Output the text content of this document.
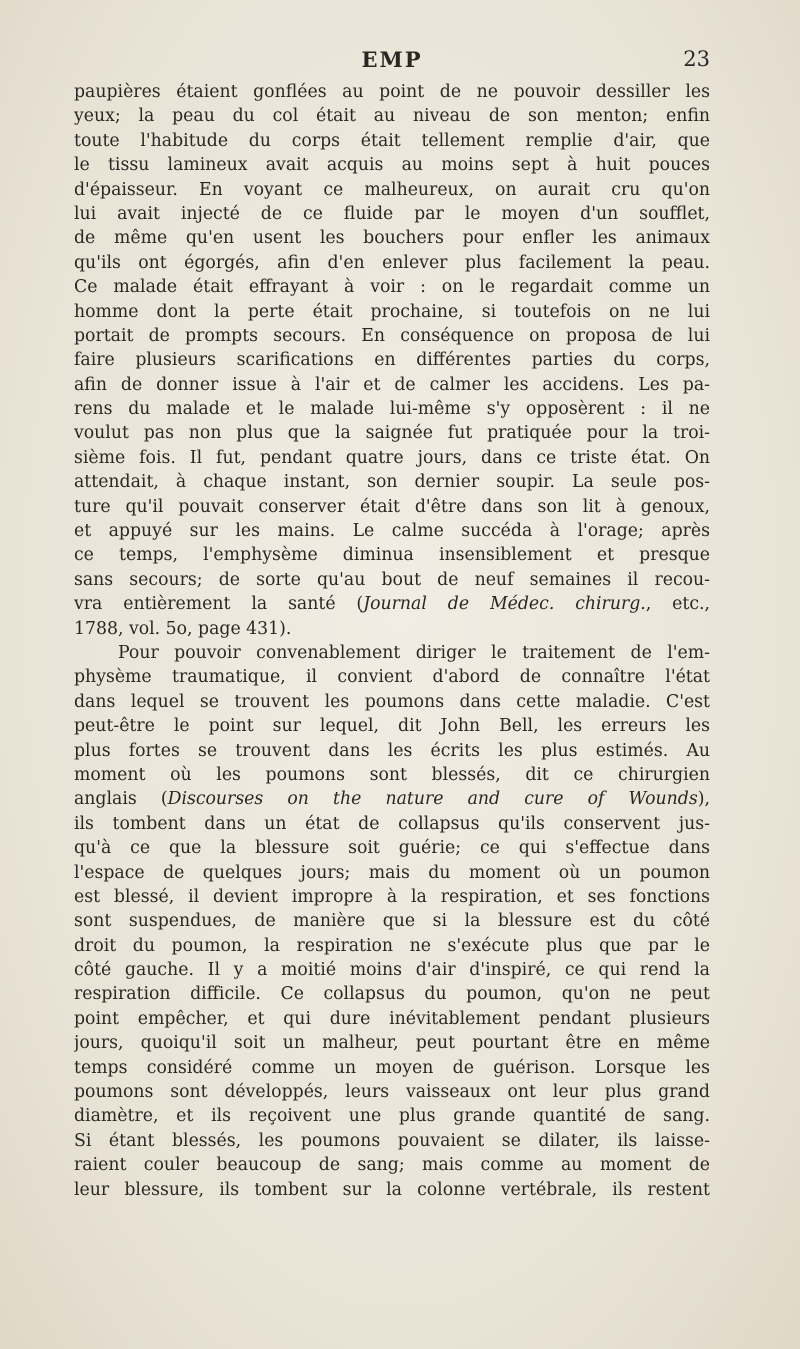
EMP	23
paupières étaient gonflées au point de ne pouvoir dessiller les
yeux; la peau du col était au niveau de son menton; enfin
toute l'habitude du corps était tellement remplie d'air, que
le tissu lamineux avait acquis au moins sept à huit pouces
d'épaisseur. En voyant ce malheureux, on aurait cru qu'on
lui avait injecté de ce fluide par le moyen d'un soufflet,
de même qu'en usent les bouchers pour enfler les animaux
qu'ils ont égorgés, afin d'en enlever plus facilement la peau.
Ce malade était effrayant à voir : on le regardait comme un
homme dont la perte était prochaine, si toutefois on ne lui
portait de prompts secours. En conséquence on proposa de lui
faire plusieurs scarifications en différentes parties du corps,
afin de donner issue à l'air et de calmer les accidens. Les pa-
rens du malade et le malade lui-même s'y opposèrent : il ne
voulut pas non plus que la saignée fut pratiquée pour la troi-
sième fois. Il fut, pendant quatre jours, dans ce triste état. On
attendait, à chaque instant, son dernier soupir. La seule pos-
ture qu'il pouvait conserver était d'être dans son lit à genoux,
et appuyé sur les mains. Le calme succéda à l'orage; après
ce temps, l'emphysème diminua insensiblement et presque
sans secours; de sorte qu'au bout de neuf semaines il recou-
vra entièrement la santé (Journal de Médec. chirurg., etc.,
1788, vol. 5o, page 431).
Pour pouvoir convenablement diriger le traitement de l'em-
physème traumatique, il convient d'abord de connaître l'état
dans lequel se trouvent les poumons dans cette maladie. C'est
peut-être le point sur lequel, dit John Bell, les erreurs les
plus fortes se trouvent dans les écrits les plus estimés. Au
moment où les poumons sont blessés, dit ce chirurgien
anglais (Discourses on the nature and cure of Wounds),
ils tombent dans un état de collapsus qu'ils conservent jus-
qu'à ce que la blessure soit guérie; ce qui s'effectue dans
l'espace de quelques jours; mais du moment où un poumon
est blessé, il devient impropre à la respiration, et ses fonctions
sont suspendues, de manière que si la blessure est du côté
droit du poumon, la respiration ne s'exécute plus que par le
côté gauche. Il y a moitié moins d'air d'inspiré, ce qui rend la
respiration difficile. Ce collapsus du poumon, qu'on ne peut
point empêcher, et qui dure inévitablement pendant plusieurs
jours, quoiqu'il soit un malheur, peut pourtant être en même
temps considéré comme un moyen de guérison. Lorsque les
poumons sont développés, leurs vaisseaux ont leur plus grand
diamètre, et ils reçoivent une plus grande quantité de sang.
Si étant blessés, les poumons pouvaient se dilater, ils laisse-
raient couler beaucoup de sang; mais comme au moment de
leur blessure, ils tombent sur la colonne vertébrale, ils restent
